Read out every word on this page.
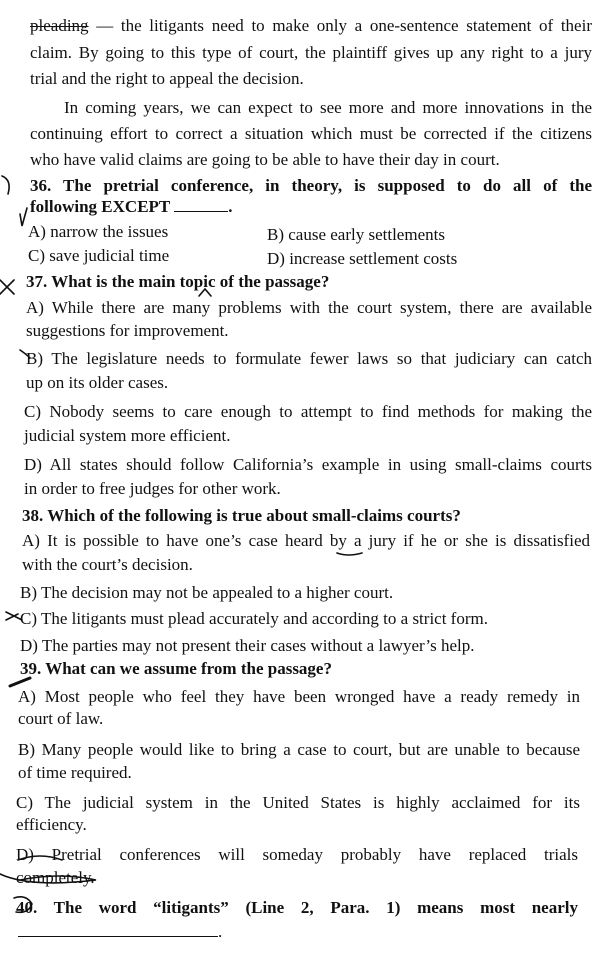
pleading — the litigants need to make only a one-sentence statement of their
claim. By going to this type of court, the plaintiff gives up any right to a jury
trial and the right to appeal the decision.
In coming years, we can expect to see more and more innovations in the
continuing effort to correct a situation which must be corrected if the citizens
who have valid claims are going to be able to have their day in court.
36. The pretrial conference, in theory, is supposed to do all of the
following EXCEPT	.
A) narrow the issues	B) cause early settlements
C) save judicial time	D) increase settlement costs
37. What is the main topic of the passage?
A) While there are many problems with the court system, there are available
suggestions for improvement.
B) The legislature needs to formulate fewer laws so that judiciary can catch
up on its older cases.
C) Nobody seems to care enough to attempt to find methods for making the
judicial system more efficient.
D) All states should follow California’s example in using small-claims courts
in order to free judges for other work.
38. Which of the following is true about small-claims courts?
A) It is possible to have one’s case heard by a jury if he or she is dissatisfied
with the court’s decision.
B) The decision may not be appealed to a higher court.
C) The litigants must plead accurately and according to a strict form.
D) The parties may not present their cases without a lawyer’s help.
39. What can we assume from the passage?
A) Most people who feel they have been wronged have a ready remedy in
court of law.
B) Many people would like to bring a case to court, but are unable to because
of time required.
C) The judicial system in the United States is highly acclaimed for its
efficiency.
D) Pretrial conferences will someday probably have replaced trials
completely.
40. The word “litigants” (Line 2, Para. 1) means most nearly
.
